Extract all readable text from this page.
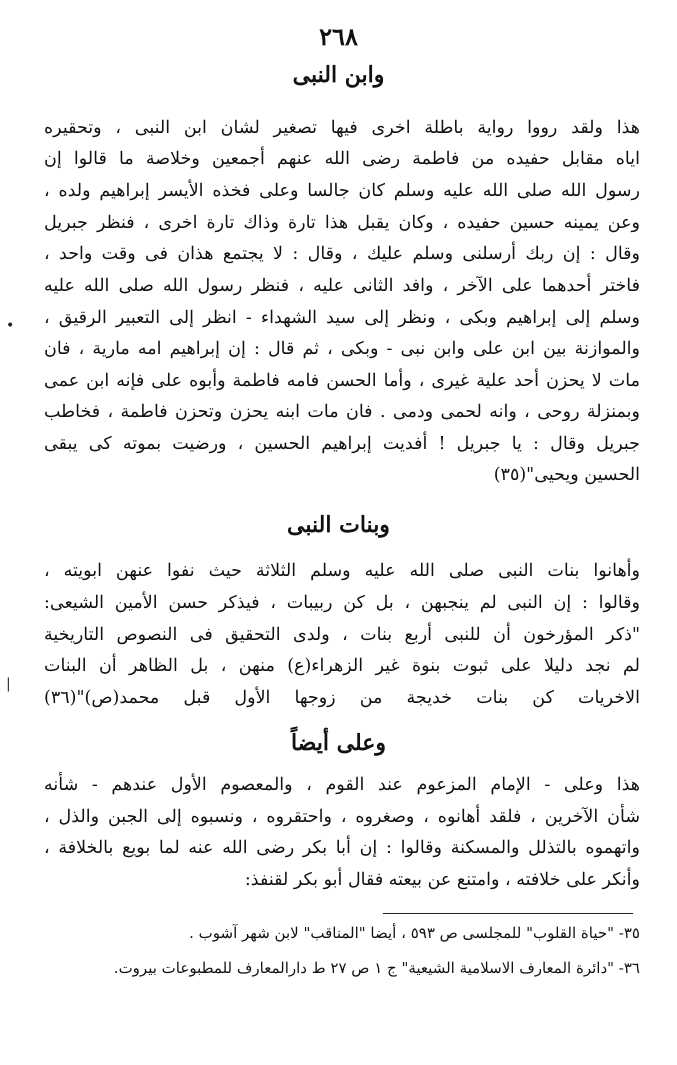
٢٦٨
وابن النبى
هذا ولقد رووا رواية باطلة اخرى فيها تصغير لشان ابن النبى ، وتحقيره
اياه مقابل حفيده من فاطمة رضى الله عنهم أجمعين وخلاصة ما قالوا إن
رسول الله صلى الله عليه وسلم كان جالسا وعلى فخذه الأيسر إبراهيم ولده ،
وعن يمينه حسين حفيده ، وكان يقبل هذا تارة وذاك تارة اخرى ، فنظر جبريل
وقال : إن ربك أرسلنى وسلم عليك ، وقال : لا يجتمع هذان فى وقت واحد ،
فاختر أحدهما على الآخر ، وافد الثانى عليه ، فنظر رسول الله صلى الله عليه
وسلم إلى إبراهيم وبكى ، ونظر إلى سيد الشهداء - انظر إلى التعبير الرقيق ،
والموازنة بين ابن على وابن نبى - وبكى ، ثم قال : إن إبراهيم امه مارية ، فان
مات لا يحزن أحد علية غيرى ، وأما الحسن فامه فاطمة وأبوه على فإنه ابن عمى
وبمنزلة روحى ، وانه لحمى ودمى . فان مات ابنه يحزن وتحزن فاطمة ، فخاطب
جبريل وقال : يا جبريل ! أفديت إبراهيم الحسين ، ورضيت بموته كى يبقى
الحسين ويحيى"(٣٥)
وبنات النبى
وأهانوا بنات النبى صلى الله عليه وسلم الثلاثة حيث نفوا عنهن ابويته ،
وقالوا : إن النبى لم ينجبهن ، بل كن ربيبات ، فيذكر حسن الأمين الشيعى:
"ذكر المؤرخون أن للنبى أربع بنات ، ولدى التحقيق فى النصوص التاريخية
لم نجد دليلا على ثبوت بنوة غير الزهراء(ع) منهن ، بل الظاهر أن البنات
الاخريات كن بنات خديجة من زوجها الأول قبل محمد(ص)"(٣٦)
وعلى أيضاً
هذا وعلى - الإمام المزعوم عند القوم ، والمعصوم الأول عندهم - شأنه
شأن الآخرين ، فلقد أهانوه ، وصغروه ، واحتقروه ، ونسبوه إلى الجبن والذل ،
واتهموه بالتذلل والمسكنة وقالوا : إن أبا بكر رضى الله عنه لما بويع بالخلافة ،
وأنكر على خلافته ، وامتنع عن بيعته فقال أبو بكر لقنفذ:
٣٥- "حياة القلوب" للمجلسى ص ٥٩٣ ، أيضا "المناقب" لابن شهر آشوب .
٣٦- "دائرة المعارف الاسلامية الشيعية" ج ١ ص ٢٧ ط دارالمعارف للمطبوعات بيروت.
•
|
